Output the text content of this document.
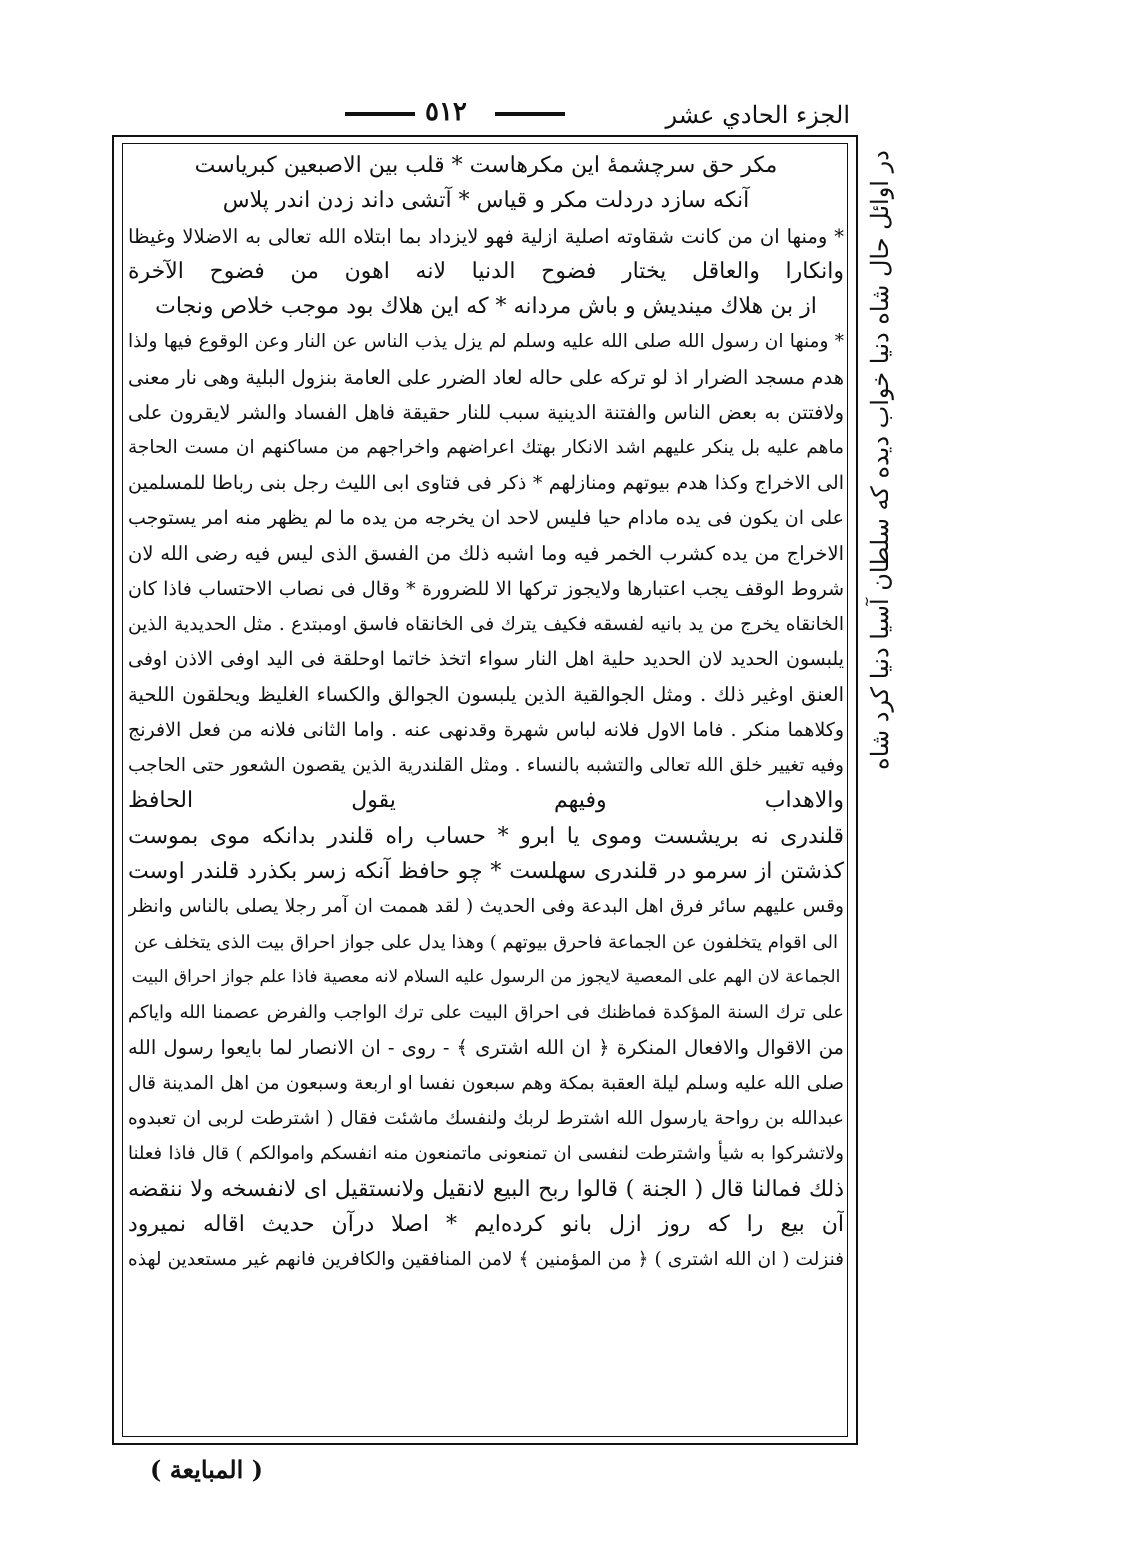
الجزء الحادي عشر
٥١٢
در اوائل حال شاه دنیا خواب دیده که سلطان آسیا دنیا کرد شاه
مکر حق سرچشمهٔ این مکرهاست * قلب بین الاصبعین کبریاست
آنکه سازد دردلت مکر و قیاس * آتشی داند زدن اندر پلاس
* ومنها ان من کانت شقاوته اصلیة ازلیة فهو لایزداد بما ابتلاه الله تعالی به الاضلالا وغیظا
وانکارا والعاقل یختار فضوح الدنیا لانه اهون من فضوح الآخرة
از بن هلاك میندیش و باش مردانه * که این هلاك بود موجب خلاص ونجات
* ومنها ان رسول الله صلی الله علیه وسلم لم یزل یذب الناس عن النار وعن الوقوع فیها ولذا
هدم مسجد الضرار اذ لو ترکه علی حاله لعاد الضرر علی العامة بنزول البلیة وهی نار معنی
ولافتتن به بعض الناس والفتنة الدینیة سبب للنار حقیقة فاهل الفساد والشر لایقرون علی
ماهم علیه بل ینکر علیهم اشد الانکار بهتك اعراضهم واخراجهم من مساکنهم ان مست الحاجة
الی الاخراج وکذا هدم بیوتهم ومنازلهم * ذکر فی فتاوی ابی اللیث رجل بنی رباطا للمسلمین
علی ان یکون فی یده مادام حیا فلیس لاحد ان یخرجه من یده ما لم یظهر منه امر یستوجب
الاخراج من یده کشرب الخمر فیه وما اشبه ذلك من الفسق الذی لیس فیه رضی الله لان
شروط الوقف یجب اعتبارها ولایجوز ترکها الا للضرورة * وقال فی نصاب الاحتساب فاذا کان
الخانقاه یخرج من ید بانیه لفسقه فکیف یترك فی الخانقاه فاسق اومبتدع . مثل الحدیدیة الذین
یلبسون الحدید لان الحدید حلیة اهل النار سواء اتخذ خاتما اوحلقة فی الید اوفی الاذن اوفی
العنق اوغیر ذلك . ومثل الجوالقیة الذین یلبسون الجوالق والکساء الغلیظ ویحلقون اللحیة
وکلاهما منکر . فاما الاول فلانه لباس شهرة وقدنهی عنه . واما الثانی فلانه من فعل الافرنج
وفیه تغییر خلق الله تعالی والتشبه بالنساء . ومثل القلندریة الذین یقصون الشعور حتی الحاجب
والاهداب وفیهم یقول الحافظ
قلندری نه بریشست وموی یا ابرو * حساب راه قلندر بدانکه موی بموست
کذشتن از سرمو در قلندری سهلست * چو حافظ آنکه زسر بکذرد قلندر اوست
وقس علیهم سائر فرق اهل البدعة وفی الحدیث ( لقد هممت ان آمر رجلا یصلی بالناس وانظر
الی اقوام یتخلفون عن الجماعة فاحرق بیوتهم ) وهذا یدل علی جواز احراق بیت الذی یتخلف عن
الجماعة لان الهم علی المعصیة لایجوز من الرسول علیه السلام لانه معصیة فاذا علم جواز احراق البیت
علی ترك السنة المؤکدة فماظنك فی احراق البیت علی ترك الواجب والفرض عصمنا الله وایاکم
من الاقوال والافعال المنکرة ﴿ ان الله اشتری ﴾ - روی - ان الانصار لما بایعوا رسول الله
صلی الله علیه وسلم لیلة العقبة بمکة وهم سبعون نفسا او اربعة وسبعون من اهل المدینة قال
عبدالله بن رواحة یارسول الله اشترط لربك ولنفسك ماشئت فقال ( اشترطت لربی ان تعبدوه
ولاتشرکوا به شیأ واشترطت لنفسی ان تمنعونی ماتمنعون منه انفسکم واموالکم ) قال فاذا فعلنا
ذلك فمالنا قال ( الجنة ) قالوا ربح البیع لانقیل ولانستقیل ای لانفسخه ولا ننقضه
آن بیع را که روز ازل بانو کرده‌ایم * اصلا درآن حدیث اقاله نمیرود
فنزلت ( ان الله اشتری ) ﴿ من المؤمنین ﴾ لامن المنافقین والکافرین فانهم غیر مستعدین لهذه
( المبایعة )
